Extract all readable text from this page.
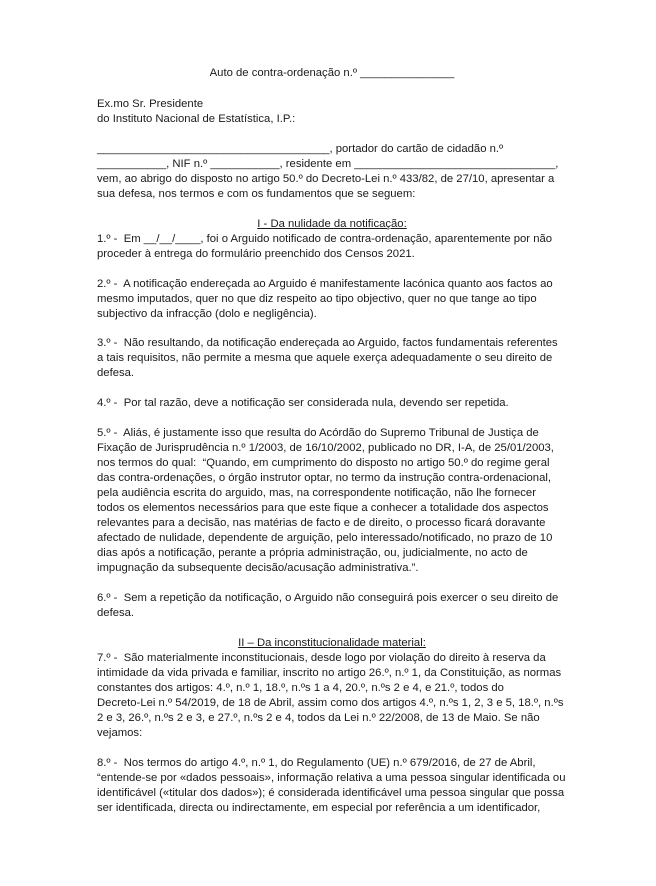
Auto de contra-ordenação n.º _______________
Ex.mo Sr. Presidente
do Instituto Nacional de Estatística, I.P.:
_____________________________________, portador do cartão de cidadão n.º
___________, NIF n.º ___________, residente em ________________________________,
vem, ao abrigo do disposto no artigo 50.º do Decreto-Lei n.º 433/82, de 27/10, apresentar a
sua defesa, nos termos e com os fundamentos que se seguem:
I - Da nulidade da notificação:
1.º -  Em __/__/____, foi o Arguido notificado de contra-ordenação, aparentemente por não
proceder à entrega do formulário preenchido dos Censos 2021.
2.º -  A notificação endereçada ao Arguido é manifestamente lacónica quanto aos factos ao
mesmo imputados, quer no que diz respeito ao tipo objectivo, quer no que tange ao tipo
subjectivo da infracção (dolo e negligência).
3.º -  Não resultando, da notificação endereçada ao Arguido, factos fundamentais referentes
a tais requisitos, não permite a mesma que aquele exerça adequadamente o seu direito de
defesa.
4.º -  Por tal razão, deve a notificação ser considerada nula, devendo ser repetida.
5.º -  Aliás, é justamente isso que resulta do Acórdão do Supremo Tribunal de Justiça de
Fixação de Jurisprudência n.º 1/2003, de 16/10/2002, publicado no DR, I-A, de 25/01/2003,
nos termos do qual:  “Quando, em cumprimento do disposto no artigo 50.º do regime geral
das contra-ordenações, o órgão instrutor optar, no termo da instrução contra-ordenacional,
pela audiência escrita do arguido, mas, na correspondente notificação, não lhe fornecer
todos os elementos necessários para que este fique a conhecer a totalidade dos aspectos
relevantes para a decisão, nas matérias de facto e de direito, o processo ficará doravante
afectado de nulidade, dependente de arguição, pelo interessado/notificado, no prazo de 10
dias após a notificação, perante a própria administração, ou, judicialmente, no acto de
impugnação da subsequente decisão/acusação administrativa.”.
6.º -  Sem a repetição da notificação, o Arguido não conseguirá pois exercer o seu direito de
defesa.
II – Da inconstitucionalidade material:
7.º -  São materialmente inconstitucionais, desde logo por violação do direito à reserva da
intimidade da vida privada e familiar, inscrito no artigo 26.º, n.º 1, da Constituição, as normas
constantes dos artigos: 4.º, n.º 1, 18.º, n.ºs 1 a 4, 20.º, n.ºs 2 e 4, e 21.º, todos do
Decreto-Lei n.º 54/2019, de 18 de Abril, assim como dos artigos 4.º, n.ºs 1, 2, 3 e 5, 18.º, n.ºs
2 e 3, 26.º, n.ºs 2 e 3, e 27.º, n.ºs 2 e 4, todos da Lei n.º 22/2008, de 13 de Maio. Se não
vejamos:
8.º -  Nos termos do artigo 4.º, n.º 1, do Regulamento (UE) n.º 679/2016, de 27 de Abril,
“entende-se por «dados pessoais», informação relativa a uma pessoa singular identificada ou
identificável («titular dos dados»); é considerada identificável uma pessoa singular que possa
ser identificada, directa ou indirectamente, em especial por referência a um identificador,
